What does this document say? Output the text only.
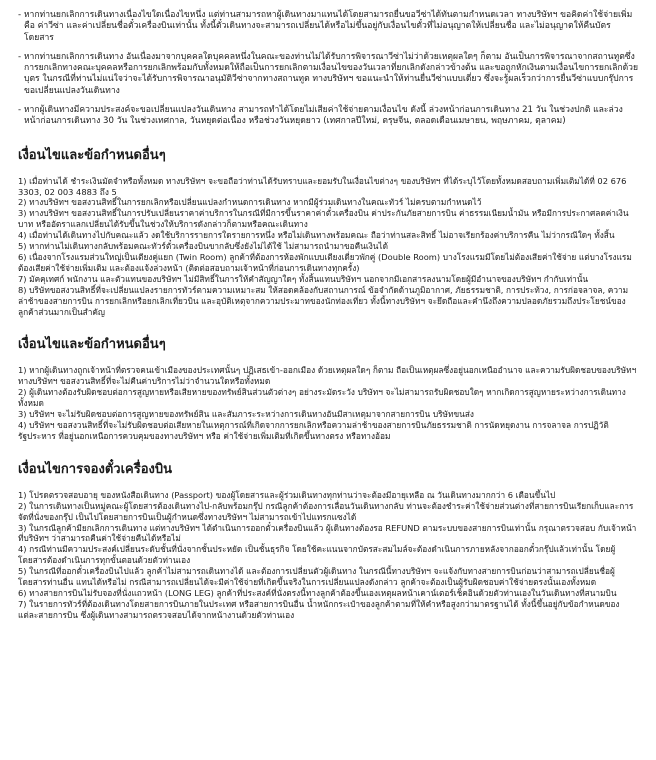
- หากท่านยกเลิกการเดินทางเนื่องไขใดเนื่องไขหนึ่ง แต่ท่านสามารถหาผู้เดินทางมาแทนได้โดยสามารถยื่นขอวีซ่าได้ทันตามกำหนดเวลา ทางบริษัทฯ ขอคิดค่าใช้จ่ายเพิ่มคือ ค่าวีซ่า และค่าเปลี่ยนชื่อตั๋วเครื่องบินเท่านั้น ทั้งนี้ตั๋วเดินทางจะสามารถเปลี่ยนได้หรือไม่ขึ้นอยู่กับเงื่อนไขตั๋วที่ไม่อนุญาตให้เปลี่ยนชื่อ และไม่อนุญาตให้คืนบัตรโดยสาร
- หากท่านยกเลิกการเดินทาง อันเนื่องมาจากบุคคลใดบุคคลหนึ่งในคณะของท่านไม่ได้รับการพิจารณาวีซ่าไม่ว่าด้วยเหตุผลใดๆ ก็ตาม อันเป็นการพิจารณาจากสถานทูตซึ่งการยกเลิกทางคณะบุคคลหรือการยกเลิกพร้อมกับทั้งหมดให้ถือเป็นการยกเลิกตามเงื่อนไขของวันเวลาที่ยกเลิกดังกล่าวข้างต้น และขอถูกหักเงินตามเงื่อนไขการยกเลิกด้วยบุตร ในกรณีที่ท่านไม่แน่ใจว่าจะได้รับการพิจารณาอนุมัติวีซ่าจากทางสถานทูต ทางบริษัทฯ ขอแนะนำให้ท่านยื่นวีซ่าแบบเดี่ยว ซึ่งจะรู้ผลเร็วกว่าการยื่นวีซ่าแบบกรุ๊ปการขอเปลี่ยนแปลงวันเดินทาง
- หากผู้เดินทางมีความประสงค์จะขอเปลี่ยนแปลงวันเดินทาง สามารถทำได้โดยไม่เสียค่าใช้จ่ายตามเงื่อนไข ดังนี้ ล่วงหน้าก่อนการเดินทาง 21 วัน ในช่วงปกติ และล่วงหน้าก่อนการเดินทาง 30 วัน ในช่วงเทศกาล, วันหยุดต่อเนื่อง หรือช่วงวันหยุดยาว (เทศกาลปีใหม่, ตรุษจีน, ตลอดเดือนเมษายน, พฤษภาคม, ตุลาคม)
เงื่อนไขและข้อกำหนดอื่นๆ
1) เมื่อท่านได้ ชำระเงินมัดจำหรือทั้งหมด ทางบริษัทฯ จะขอถือว่าท่านได้รับทราบและยอมรับในเงื่อนไขต่างๆ ของบริษัทฯ ที่ได้ระบุไว้โดยทั้งหมดสอบถามเพิ่มเติมได้ที่ 02 676 3303, 02 003 4883 ถึง 5
2) ทางบริษัทฯ ขอสงวนสิทธิ์ในการยกเลิกหรือเปลี่ยนแปลงกำหนดการเดินทาง หากมีผู้ร่วมเดินทางในคณะทัวร์ ไม่ครบตามกำหนดไว้
3) ทางบริษัทฯ ขอสงวนสิทธิ์ในการปรับเปลี่ยนราคาค่าบริการในกรณีที่มีการขึ้นราคาค่าตั๋วเครื่องบิน ค่าประกันภัยสายการบิน ค่าธรรมเนียมน้ำมัน หรือมีการประกาศลดค่าเงินบาท หรืออัตราแลกเปลี่ยนได้รับขึ้นในช่วงให้บริการดังกล่าวก็ตามหรือคณะเดินทาง
4) เมื่อท่านได้เดินทางไปกับคณะแล้ว งดใช้บริการรายการใดรายการหนึ่ง หรือไม่เดินทางพร้อมคณะ ถือว่าท่านสละสิทธิ์ ไม่อาจเรียกร้องค่าบริการคืน ไม่ว่ากรณีใดๆ ทั้งสิ้น
5) หากท่านไม่เดินทางกลับพร้อมคณะทัวร์ตั๋วเครื่องบินขากลับซึ่งยังไม่ได้ใช้ ไม่สามารถนำมาขอคืนเงินได้
6) เนื่องจากโรงแรมส่วนใหญ่เป็นเตียงคู่แยก (Twin Room) ลูกค้าที่ต้องการห้องพักแบบเตียงเดี่ยวพักคู่ (Double Room) บางโรงแรมมีโดยไม่ต้องเสียค่าใช้จ่าย แต่บางโรงแรมต้องเสียค่าใช้จ่ายเพิ่มเติม และต้องแจ้งล่วงหน้า (ติดต่อสอบถามเจ้าหน้าที่ก่อนการเดินทางทุกครั้ง)
7) มัคคุเทศก์ พนักงาน และตัวแทนของบริษัทฯ ไม่มีสิทธิ์ในการให้คำสัญญาใดๆ ทั้งสิ้นแทนบริษัทฯ นอกจากมีเอกสารลงนามโดยผู้มีอำนาจของบริษัทฯ กำกับเท่านั้น
8) บริษัทขอสงวนสิทธิ์ที่จะเปลี่ยนแปลงรายการทัวร์ตามความเหมาะสม ให้สอดคล้องกับสถานการณ์ ข้อจำกัดด้านภูมิอากาศ, ภัยธรรมชาติ, การประท้วง, การก่อจลาจล, ความล่าช้าของสายการบิน การยกเลิกหรือยกเลิกเที่ยวบิน และอุบัติเหตุจากความประมาทของนักท่องเที่ยว ทั้งนี้ทางบริษัทฯ จะยึดถือและคำนึงถึงความปลอดภัยรวมถึงประโยชน์ของลูกค้าส่วนมากเป็นสำคัญ
เงื่อนไขและข้อกำหนดอื่นๆ
1) หากผู้เดินทางถูกเจ้าหน้าที่ตรวจคนเข้าเมืองของประเทศนั้นๆ ปฏิเสธเข้า-ออกเมือง ด้วยเหตุผลใดๆ ก็ตาม ถือเป็นเหตุผลซึ่งอยู่นอกเหนืออำนาจ และความรับผิดชอบของบริษัทฯ ทางบริษัทฯ ขอสงวนสิทธิ์ที่จะไม่คืนค่าบริการไม่ว่าจำนวนใดหรือทั้งหมด
2) ผู้เดินทางต้องรับผิดชอบต่อการสูญหายหรือเสียหายของทรัพย์สินส่วนตัวต่างๆ อย่างระมัดระวัง บริษัทฯ จะไม่สามารถรับผิดชอบใดๆ หากเกิดการสูญหายระหว่างการเดินทางทั้งหมด
3) บริษัทฯ จะไม่รับผิดชอบต่อการสูญหายของทรัพย์สิน และสัมภาระระหว่างการเดินทางอันมีสาเหตุมาจากสายการบิน บริษัทขนส่ง
4) บริษัทฯ ขอสงวนสิทธิ์ที่จะไม่รับผิดชอบต่อเสียหายในเหตุการณ์ที่เกิดจากการยกเลิกหรือความล่าช้าของสายการบินภัยธรรมชาติ การนัดหยุดงาน การจลาจล การปฏิวัติ รัฐประหาร ที่อยู่นอกเหนือการควบคุมของทางบริษัทฯ หรือ ค่าใช้จ่ายเพิ่มเติมที่เกิดขึ้นทางตรง หรือทางอ้อม
เงื่อนไขการจองตั๋วเครื่องบิน
1) โปรดตรวจสอบอายุ ของหนังสือเดินทาง (Passport) ของผู้โดยสารและผู้ร่วมเดินทางทุกท่านว่าจะต้องมีอายุเหลือ ณ วันเดินทางมากกว่า 6 เดือนขึ้นไป
2) ในการเดินทางเป็นหมู่คณะผู้โดยสารต้องเดินทางไป-กลับพร้อมกรุ๊ป กรณีลูกค้าต้องการเลื่อนวันเดินทางกลับ ท่านจะต้องชำระค่าใช้จ่ายส่วนต่างที่สายการบินเรียกเก็บและการจัดที่นั่งของกรุ๊ป เป็นไปโดยสายการบินเป็นผู้กำหนดซึ่งทางบริษัทฯ ไม่สามารถเข้าไปแทรกแซงได้
3) ในกรณีลูกค้ามียกเลิกการเดินทาง แต่ทางบริษัทฯ ได้ดำเนินการออกตั๋วเครื่องบินแล้ว ผู้เดินทางต้องรอ REFUND ตามระบบของสายการบินเท่านั้น กรุณาตรวจสอบ กับเจ้าหน้าที่บริษัทฯ ว่าสามารถคืนค่าใช้จ่ายคืนได้หรือไม่
4) กรณีท่านมีความประสงค์เปลี่ยนระดับชั้นที่นั่งจากชั้นประหยัด เป็นชั้นธุรกิจ โดยใช้คะแนนจากบัตรสะสมไมล์จะต้องดำเนินการภายหลังจากออกตั๋วกรุ๊ปแล้วเท่านั้น โดยผู้โดยสารต้องดำเนินการทุกขั้นตอนด้วยตัวท่านเอง
5) ในกรณีที่ออกตั๋วเครื่องบินไปแล้ว ลูกค้าไม่สามารถเดินทางได้ และต้องการเปลี่ยนตัวผู้เดินทาง ในกรณีนี้ทางบริษัทฯ จะแจ้งกับทางสายการบินก่อนว่าสามารถเปลี่ยนชื่อผู้โดยสารท่านอื่น แทนได้หรือไม่ กรณีสามารถเปลี่ยนได้จะมีค่าใช้จ่ายที่เกิดขึ้นจริงในการเปลี่ยนแปลงดังกล่าว ลูกค้าจะต้องเป็นผู้รับผิดชอบค่าใช้จ่ายตรงนั้นเองทั้งหมด
6) ทางสายการบินไม่รับจองที่นั่งแถวหน้า (LONG LEG) ลูกค้าที่ประสงค์ที่นั่งตรงนี้ทางลูกค้าต้องขึ้นเองเหตุผลหน้าเคาน์เตอร์เช็คอินด้วยตัวท่านเองในวันเดินทางที่สนามบิน
7) ในรายการทัวร์ที่ต้องเดินทางโดยสายการบินภายในประเทศ หรือสายการบินอื่น น้ำหนักกระเป๋าของลูกค้าตามที่ให้คำหรือสูงกว่ามาตรฐานได้ ทั้งนี้ขึ้นอยู่กับข้อกำหนดของแต่ละสายการบิน ซึ่งผู้เดินทางสามารถตรวจสอบได้จากหน้างานด้วยตัวท่านเอง
